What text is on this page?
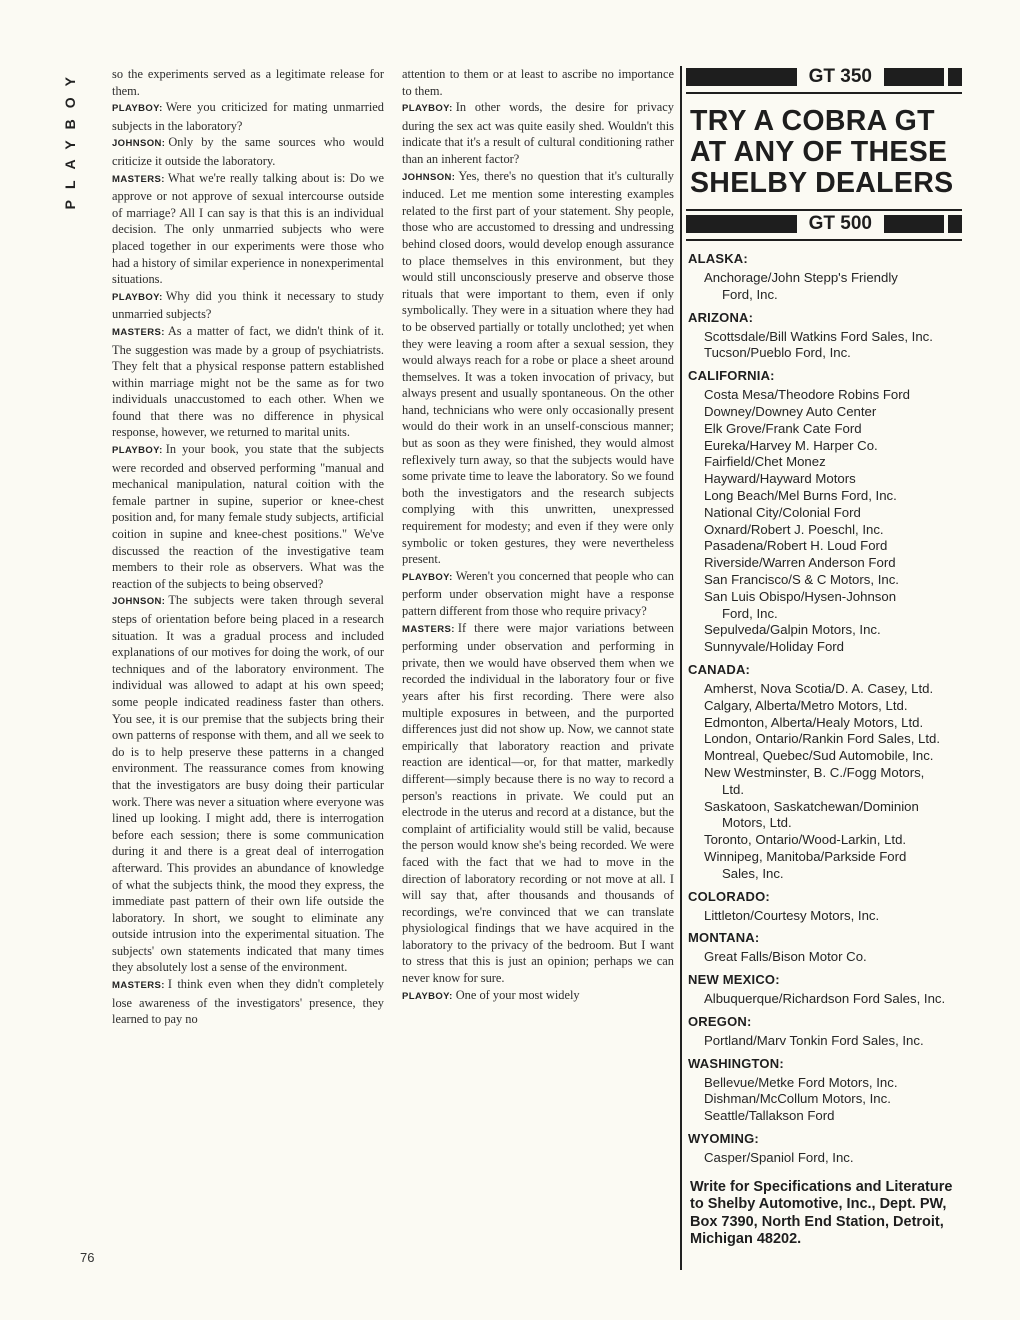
PLAYBOY	so the experiments served as a legitimate release for them.

PLAYBOY: Were you criticized for mating unmarried subjects in the laboratory?

JOHNSON: Only by the same sources who would criticize it outside the laboratory.

MASTERS: What we're really talking about is: Do we approve or not approve of sexual intercourse outside of marriage? All I can say is that this is an individual decision. The only unmarried subjects who were placed together in our experiments were those who had a history of similar experience in nonexperimental situations.

PLAYBOY: Why did you think it necessary to study unmarried subjects?

MASTERS: As a matter of fact, we didn't think of it. The suggestion was made by a group of psychiatrists. They felt that a physical response pattern established within marriage might not be the same as for two individuals unaccustomed to each other. When we found that there was no difference in physical response, however, we returned to marital units.

PLAYBOY: In your book, you state that the subjects were recorded and observed performing "manual and mechanical manipulation, natural coition with the female partner in supine, superior or knee-chest position and, for many female study subjects, artificial coition in supine and knee-chest positions." We've discussed the reaction of the investigative team members to their role as observers. What was the reaction of the subjects to being observed?

JOHNSON: The subjects were taken through several steps of orientation before being placed in a research situation. It was a gradual process and included explanations of our motives for doing the work, of our techniques and of the laboratory environment. The individual was allowed to adapt at his own speed; some people indicated readiness faster than others. You see, it is our premise that the subjects bring their own patterns of response with them, and all we seek to do is to help preserve these patterns in a changed environment. The reassurance comes from knowing that the investigators are busy doing their particular work. There was never a situation where everyone was lined up looking. I might add, there is interrogation before each session; there is some communication during it and there is a great deal of interrogation afterward. This provides an abundance of knowledge of what the subjects think, the mood they express, the immediate past pattern of their own life outside the laboratory. In short, we sought to eliminate any outside intrusion into the experimental situation. The subjects' own statements indicated that many times they absolutely lost a sense of the environment.

MASTERS: I think even when they didn't completely lose awareness of the investigators' presence, they learned to pay no

attention to them or at least to ascribe no importance to them.

PLAYBOY: In other words, the desire for privacy during the sex act was quite easily shed. Wouldn't this indicate that it's a result of cultural conditioning rather than an inherent factor?

JOHNSON: Yes, there's no question that it's culturally induced. Let me mention some interesting examples related to the first part of your statement. Shy people, those who are accustomed to dressing and undressing behind closed doors, would develop enough assurance to place themselves in this environment, but they would still unconsciously preserve and observe those rituals that were important to them, even if only symbolically. They were in a situation where they had to be observed partially or totally unclothed; yet when they were leaving a room after a sexual session, they would always reach for a robe or place a sheet around themselves. It was a token invocation of privacy, but always present and usually spontaneous. On the other hand, technicians who were only occasionally present would do their work in an unself-conscious manner; but as soon as they were finished, they would almost reflexively turn away, so that the subjects would have some private time to leave the laboratory. So we found both the investigators and the research subjects complying with this unwritten, unexpressed requirement for modesty; and even if they were only symbolic or token gestures, they were nevertheless present.

PLAYBOY: Weren't you concerned that people who can perform under observation might have a response pattern different from those who require privacy?

MASTERS: If there were major variations between performing under observation and performing in private, then we would have observed them when we recorded the individual in the laboratory four or five years after his first recording. There were also multiple exposures in between, and the purported differences just did not show up. Now, we cannot state empirically that laboratory reaction and private reaction are identical—or, for that matter, markedly different—simply because there is no way to record a person's reactions in private. We could put an electrode in the uterus and record at a distance, but the complaint of artificiality would still be valid, because the person would know she's being recorded. We were faced with the fact that we had to move in the direction of laboratory recording or not move at all. I will say that, after thousands and thousands of recordings, we're convinced that we can translate physiological findings that we have acquired in the laboratory to the privacy of the bedroom. But I want to stress that this is just an opinion; perhaps we can never know for sure.

PLAYBOY: One of your most widely

76
GT 350
TRY A COBRA GT
AT ANY OF THESE
SHELBY DEALERS
GT 500
ALASKA:
Anchorage/John Stepp's Friendly
Ford, Inc.
ARIZONA:
Scottsdale/Bill Watkins Ford Sales, Inc.
Tucson/Pueblo Ford, Inc.
CALIFORNIA:
Costa Mesa/Theodore Robins Ford
Downey/Downey Auto Center
Elk Grove/Frank Cate Ford
Eureka/Harvey M. Harper Co.
Fairfield/Chet Monez
Hayward/Hayward Motors
Long Beach/Mel Burns Ford, Inc.
National City/Colonial Ford
Oxnard/Robert J. Poeschl, Inc.
Pasadena/Robert H. Loud Ford
Riverside/Warren Anderson Ford
San Francisco/S & C Motors, Inc.
San Luis Obispo/Hysen-Johnson
Ford, Inc.
Sepulveda/Galpin Motors, Inc.
Sunnyvale/Holiday Ford
CANADA:
Amherst, Nova Scotia/D. A. Casey, Ltd.
Calgary, Alberta/Metro Motors, Ltd.
Edmonton, Alberta/Healy Motors, Ltd.
London, Ontario/Rankin Ford Sales, Ltd.
Montreal, Quebec/Sud Automobile, Inc.
New Westminster, B. C./Fogg Motors,
Ltd.
Saskatoon, Saskatchewan/Dominion
Motors, Ltd.
Toronto, Ontario/Wood-Larkin, Ltd.
Winnipeg, Manitoba/Parkside Ford
Sales, Inc.
COLORADO:
Littleton/Courtesy Motors, Inc.
MONTANA:
Great Falls/Bison Motor Co.
NEW MEXICO:
Albuquerque/Richardson Ford Sales, Inc.
OREGON:
Portland/Marv Tonkin Ford Sales, Inc.
WASHINGTON:
Bellevue/Metke Ford Motors, Inc.
Dishman/McCollum Motors, Inc.
Seattle/Tallakson Ford
WYOMING:
Casper/Spaniol Ford, Inc.
Write for Specifications and Literature to Shelby Automotive, Inc., Dept. PW, Box 7390, North End Station, Detroit, Michigan 48202.
